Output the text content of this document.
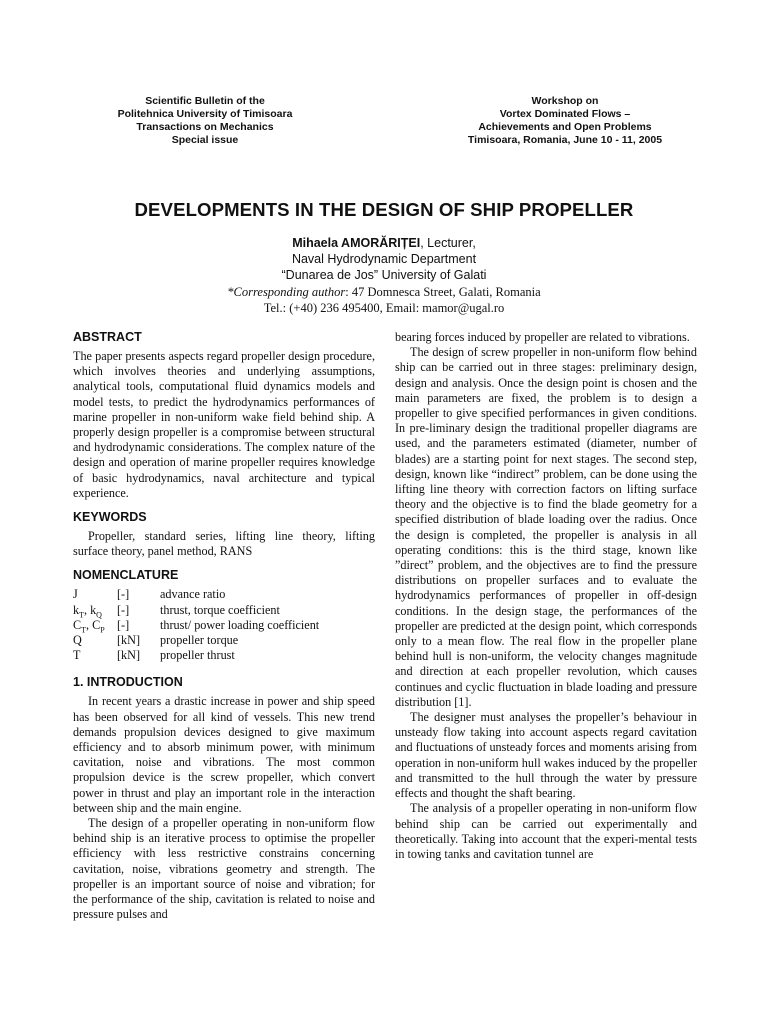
Scientific Bulletin of the
Politehnica University of Timisoara
Transactions on Mechanics
Special issue
Workshop on
Vortex Dominated Flows –
Achievements and Open Problems
Timisoara, Romania, June 10 - 11, 2005
DEVELOPMENTS IN THE DESIGN OF SHIP PROPELLER
Mihaela AMORĂRIȚEI, Lecturer,
Naval Hydrodynamic Department
“Dunarea de Jos” University of Galati
*Corresponding author: 47 Domnesca Street, Galati, Romania
Tel.: (+40) 236 495400, Email: mamor@ugal.ro
ABSTRACT

The paper presents aspects regard propeller design procedure, which involves theories and underlying assumptions, analytical tools, computational fluid dynamics models and model tests, to predict the hydrodynamics performances of marine propeller in non-uniform wake field behind ship. A properly design propeller is a compromise between structural and hydrodynamic considerations. The complex nature of the design and operation of marine propeller requires knowledge of basic hydrodynamics, naval architecture and typical experience.

KEYWORDS

Propeller, standard series, lifting line theory, lifting surface theory, panel method, RANS

NOMENCLATURE
J	[-]	advance ratio
$k_T$, $k_Q$	[-]	thrust, torque coefficient
$C_T$, $C_P$	[-]	thrust/ power loading coefficient
Q	[kN]	propeller torque
T	[kN]	propeller thrust
1. INTRODUCTION

In recent years a drastic increase in power and ship speed has been observed for all kind of vessels. This new trend demands propulsion devices designed to give maximum efficiency and to absorb minimum power, with minimum cavitation, noise and vibrations. The most common propulsion device is the screw propeller, which convert power in thrust and play an important role in the interaction between ship and the main engine.

The design of a propeller operating in non-uniform flow behind ship is an iterative process to optimise the propeller efficiency with less restrictive constrains concerning cavitation, noise, vibrations geometry and strength. The propeller is an important source of noise and vibration; for the performance of the ship, cavitation is related to noise and pressure pulses and

bearing forces induced by propeller are related to vibrations.

The design of screw propeller in non-uniform flow behind ship can be carried out in three stages: preliminary design, design and analysis. Once the design point is chosen and the main parameters are fixed, the problem is to design a propeller to give specified performances in given conditions. In pre-liminary design the traditional propeller diagrams are used, and the parameters estimated (diameter, number of blades) are a starting point for next stages. The second step, design, known like “indirect” problem, can be done using the lifting line theory with correction factors on lifting surface theory and the objective is to find the blade geometry for a specified distribution of blade loading over the radius. Once the design is completed, the propeller is analysis in all operating conditions: this is the third stage, known like ”direct” problem, and the objectives are to find the pressure distributions on propeller surfaces and to evaluate the hydrodynamics performances of propeller in off-design conditions. In the design stage, the performances of the propeller are predicted at the design point, which corresponds only to a mean flow. The real flow in the propeller plane behind hull is non-uniform, the velocity changes magnitude and direction at each propeller revolution, which causes continues and cyclic fluctuation in blade loading and pressure distribution [1].

The designer must analyses the propeller’s behaviour in unsteady flow taking into account aspects regard cavitation and fluctuations of unsteady forces and moments arising from operation in non-uniform hull wakes induced by the propeller and transmitted to the hull through the water by pressure effects and thought the shaft bearing.

The analysis of a propeller operating in non-uniform flow behind ship can be carried out experimentally and theoretically. Taking into account that the experi-mental tests in towing tanks and cavitation tunnel are
